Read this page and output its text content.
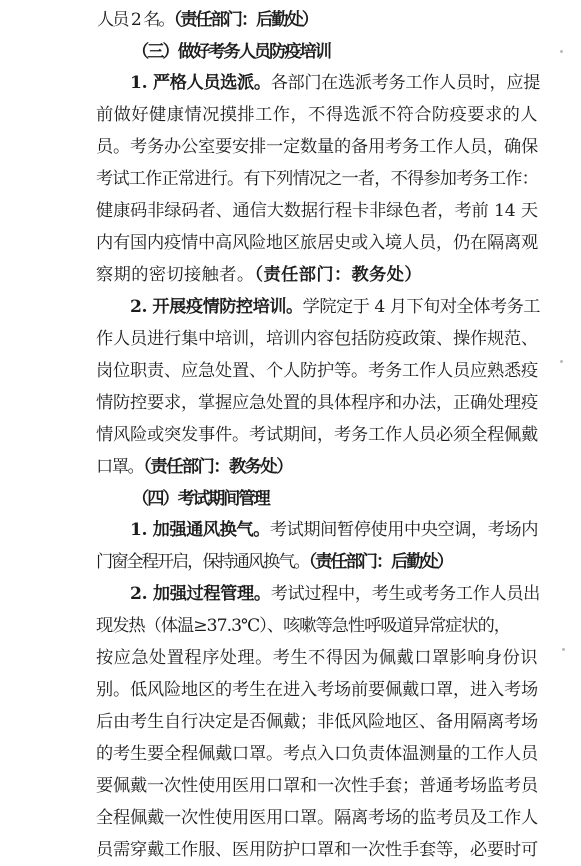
人员 2 名。（责任部门：后勤处）
（三）做好考务人员防疫培训
1. 严格人员选派。各部门在选派考务工作人员时，应提
前做好健康情况摸排工作，不得选派不符合防疫要求的人
员。考务办公室要安排一定数量的备用考务工作人员，确保
考试工作正常进行。有下列情况之一者，不得参加考务工作：
健康码非绿码者、通信大数据行程卡非绿色者，考前 14 天
内有国内疫情中高风险地区旅居史或入境人员，仍在隔离观
察期的密切接触者。（责任部门：教务处）
2. 开展疫情防控培训。学院定于 4 月下旬对全体考务工
作人员进行集中培训，培训内容包括防疫政策、操作规范、
岗位职责、应急处置、个人防护等。考务工作人员应熟悉疫
情防控要求，掌握应急处置的具体程序和办法，正确处理疫
情风险或突发事件。考试期间，考务工作人员必须全程佩戴
口罩。（责任部门：教务处）
（四）考试期间管理
1. 加强通风换气。考试期间暂停使用中央空调，考场内
门窗全程开启，保持通风换气。（责任部门：后勤处）
2. 加强过程管理。考试过程中，考生或考务工作人员出
现发热（体温≥37.3℃）、咳嗽等急性呼吸道异常症状的，
按应急处置程序处理。考生不得因为佩戴口罩影响身份识
别。低风险地区的考生在进入考场前要佩戴口罩，进入考场
后由考生自行决定是否佩戴；非低风险地区、备用隔离考场
的考生要全程佩戴口罩。考点入口负责体温测量的工作人员
要佩戴一次性使用医用口罩和一次性手套；普通考场监考员
全程佩戴一次性使用医用口罩。隔离考场的监考员及工作人
员需穿戴工作服、医用防护口罩和一次性手套等，必要时可
